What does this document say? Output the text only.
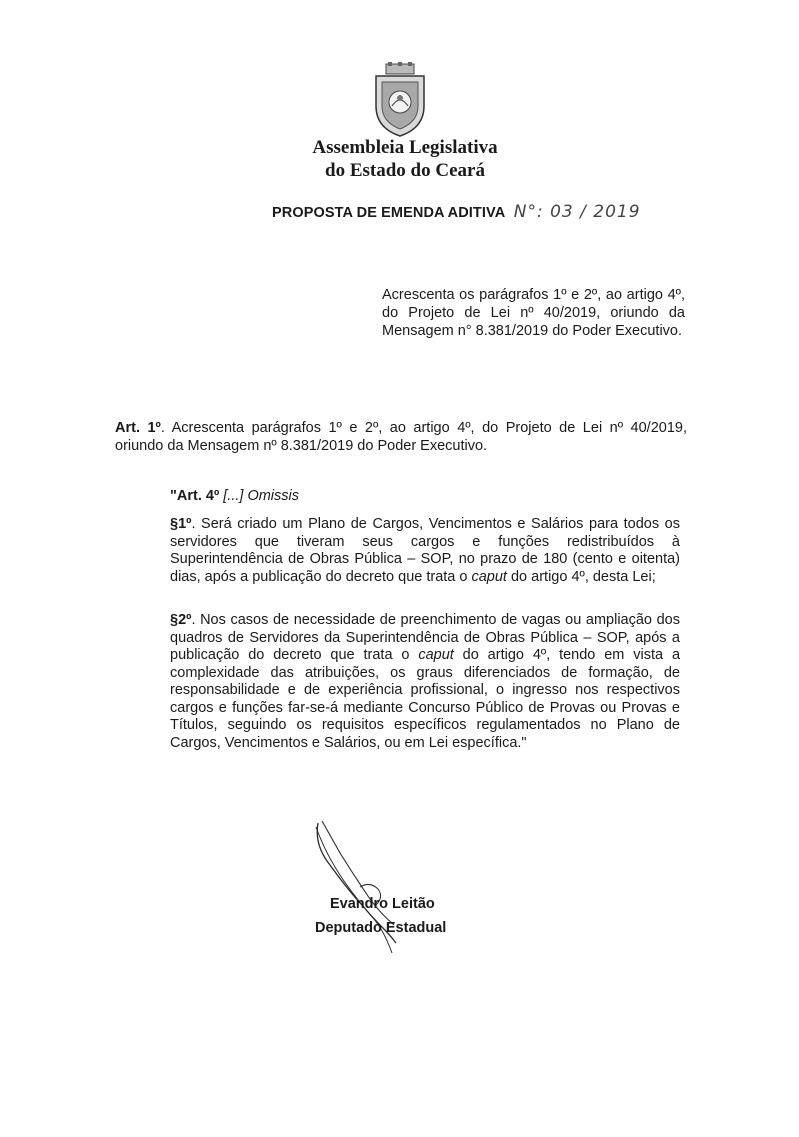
Assembleia Legislativa
do Estado do Ceará
PROPOSTA DE EMENDA ADITIVA N°: 03 / 2019
Acrescenta os parágrafos 1º e 2º, ao artigo 4º, do Projeto de Lei nº 40/2019, oriundo da Mensagem n° 8.381/2019 do Poder Executivo.
Art. 1º. Acrescenta parágrafos 1º e 2º, ao artigo 4º, do Projeto de Lei nº 40/2019, oriundo da Mensagem nº 8.381/2019 do Poder Executivo.
"Art. 4º [...] Omissis
§1º. Será criado um Plano de Cargos, Vencimentos e Salários para todos os servidores que tiveram seus cargos e funções redistribuídos à Superintendência de Obras Pública – SOP, no prazo de 180 (cento e oitenta) dias, após a publicação do decreto que trata o caput do artigo 4º, desta Lei;
§2º. Nos casos de necessidade de preenchimento de vagas ou ampliação dos quadros de Servidores da Superintendência de Obras Pública – SOP, após a publicação do decreto que trata o caput do artigo 4º, tendo em vista a complexidade das atribuições, os graus diferenciados de formação, de responsabilidade e de experiência profissional, o ingresso nos respectivos cargos e funções far-se-á mediante Concurso Público de Provas ou Provas e Títulos, seguindo os requisitos específicos regulamentados no Plano de Cargos, Vencimentos e Salários, ou em Lei específica."
Evandro Leitão
Deputado Estadual
